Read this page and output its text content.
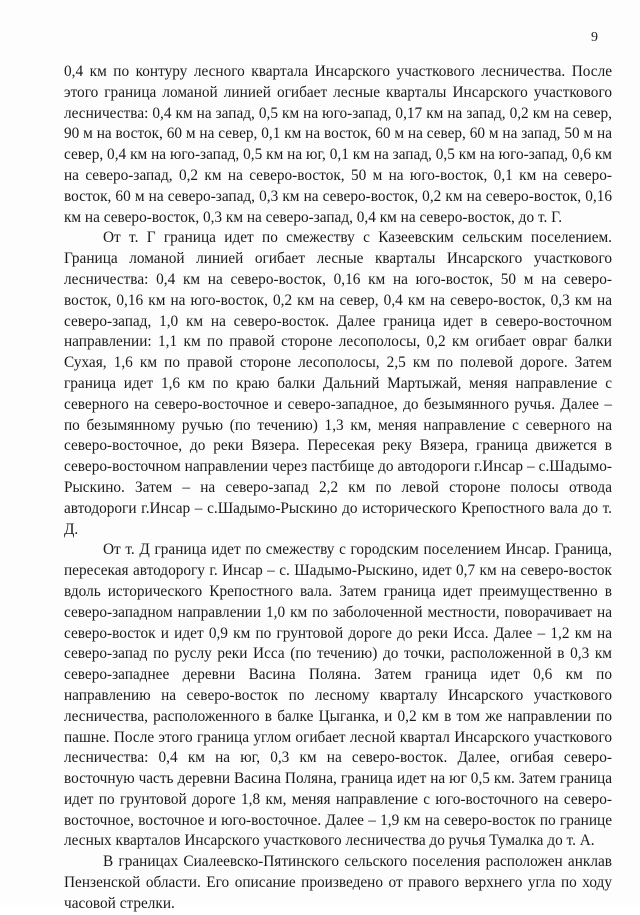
9

0,4 км по контуру лесного квартала Инсарского участкового лесничества. После этого граница ломаной линией огибает лесные кварталы Инсарского участкового лесничества: 0,4 км на запад, 0,5 км на юго-запад, 0,17 км на запад, 0,2 км на север, 90 м на восток, 60 м на север, 0,1 км на восток, 60 м на север, 60 м на запад, 50 м на север, 0,4 км на юго-запад, 0,5 км на юг, 0,1 км на запад, 0,5 км на юго-запад, 0,6 км на северо-запад, 0,2 км на северо-восток, 50 м на юго-восток, 0,1 км на северо-восток, 60 м на северо-запад, 0,3 км на северо-восток, 0,2 км на северо-восток, 0,16 км на северо-восток, 0,3 км на северо-запад, 0,4 км на северо-восток, до т. Г.

От т. Г граница идет по смежеству с Казеевским сельским поселением. Граница ломаной линией огибает лесные кварталы Инсарского участкового лесничества: 0,4 км на северо-восток, 0,16 км на юго-восток, 50 м на северо-восток, 0,16 км на юго-восток, 0,2 км на север, 0,4 км на северо-восток, 0,3 км на северо-запад, 1,0 км на северо-восток. Далее граница идет в северо-восточном направлении: 1,1 км по правой стороне лесополосы, 0,2 км огибает овраг балки Сухая, 1,6 км по правой стороне лесополосы, 2,5 км по полевой дороге. Затем граница идет 1,6 км по краю балки Дальний Мартыжай, меняя направление с северного на северо-восточное и северо-западное, до безымянного ручья. Далее – по безымянному ручью (по течению) 1,3 км, меняя направление с северного на северо-восточное, до реки Вязера. Пересекая реку Вязера, граница движется в северо-восточном направлении через пастбище до автодороги г.Инсар – с.Шадымо-Рыскино. Затем – на северо-запад 2,2 км по левой стороне полосы отвода автодороги г.Инсар – с.Шадымо-Рыскино до исторического Крепостного вала до т. Д.

От т. Д граница идет по смежеству с городским поселением Инсар. Граница, пересекая автодорогу г. Инсар – с. Шадымо-Рыскино, идет 0,7 км на северо-восток вдоль исторического Крепостного вала. Затем граница идет преимущественно в северо-западном направлении 1,0 км по заболоченной местности, поворачивает на северо-восток и идет 0,9 км по грунтовой дороге до реки Исса. Далее – 1,2 км на северо-запад по руслу реки Исса (по течению) до точки, расположенной в 0,3 км северо-западнее деревни Васина Поляна. Затем граница идет 0,6 км по направлению на северо-восток по лесному кварталу Инсарского участкового лесничества, расположенного в балке Цыганка, и 0,2 км в том же направлении по пашне. После этого граница углом огибает лесной квартал Инсарского участкового лесничества: 0,4 км на юг, 0,3 км на северо-восток. Далее, огибая северо-восточную часть деревни Васина Поляна, граница идет на юг 0,5 км. Затем граница идет по грунтовой дороге 1,8 км, меняя направление с юго-восточного на северо-восточное, восточное и юго-восточное. Далее – 1,9 км на северо-восток по границе лесных кварталов Инсарского участкового лесничества до ручья Тумалка до т. А.

В границах Сиалеевско-Пятинского сельского поселения расположен анклав Пензенской области. Его описание произведено от правого верхнего угла по ходу часовой стрелки.
